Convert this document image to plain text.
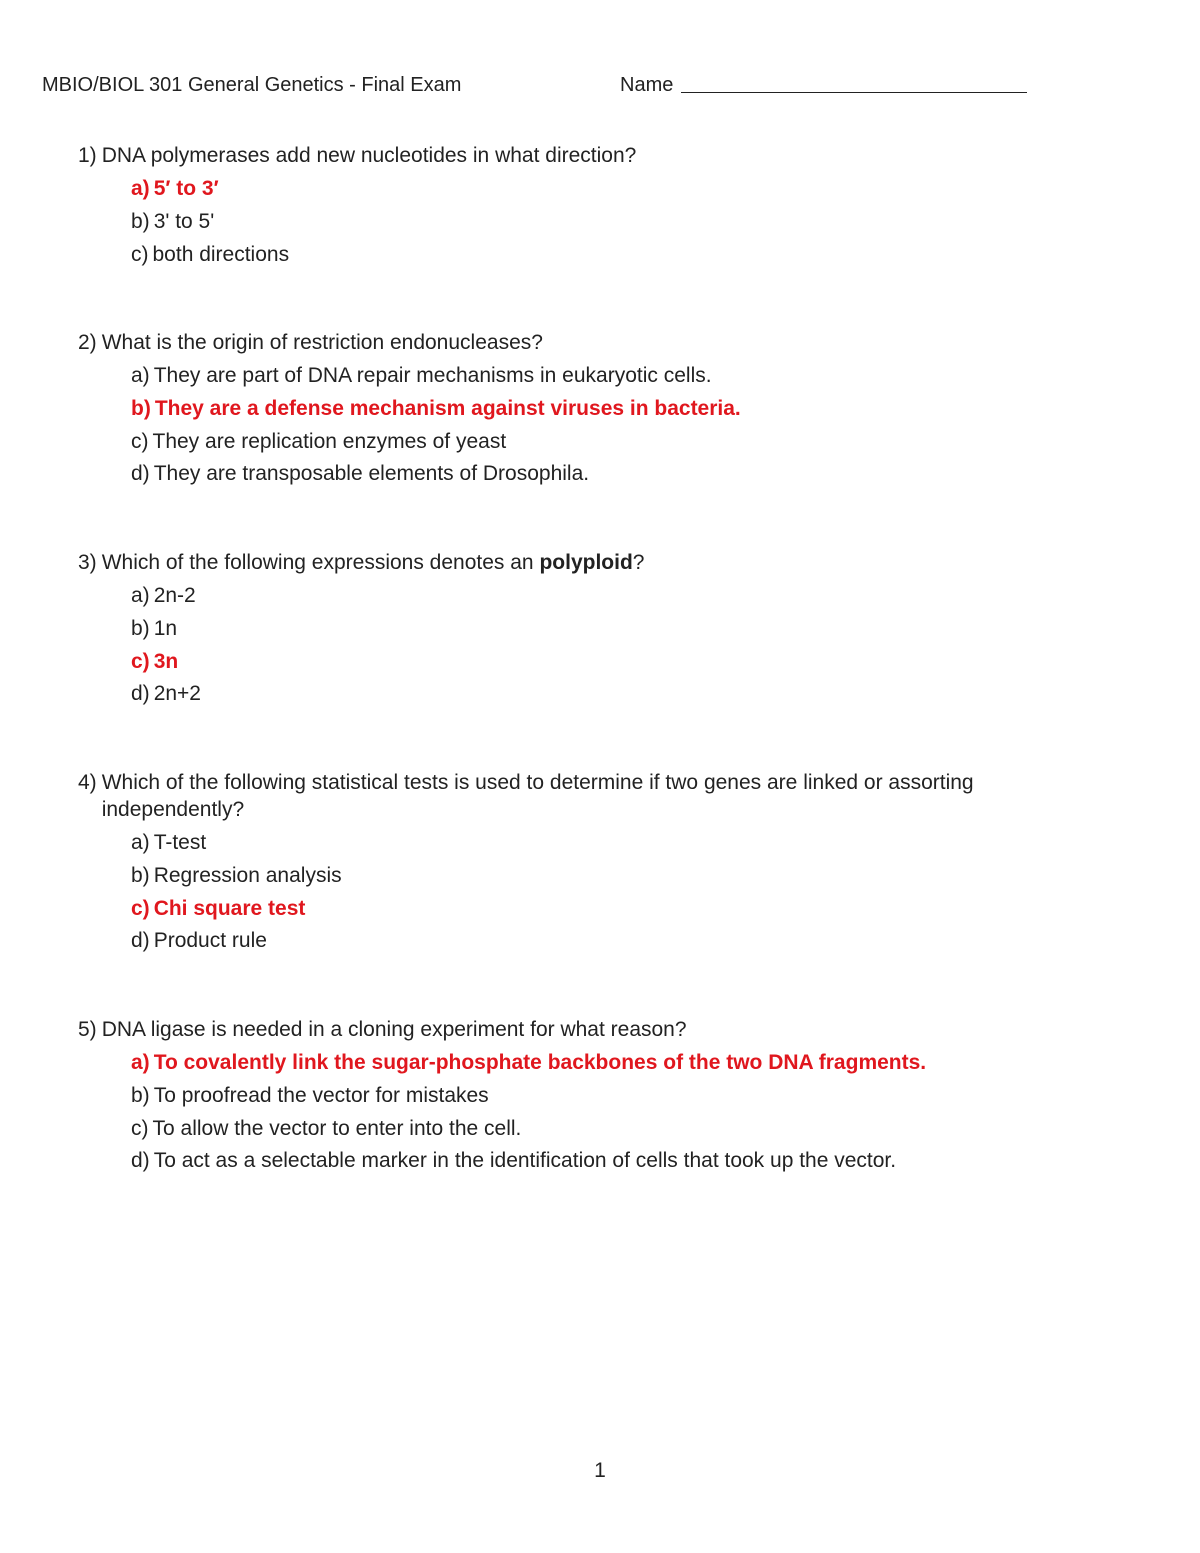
MBIO/BIOL 301 General Genetics - Final Exam	Name

1) DNA polymerases add new nucleotides in what direction?

a) 5′ to 3′
b) 3' to 5'
c) both directions

2) What is the origin of restriction endonucleases?

a) They are part of DNA repair mechanisms in eukaryotic cells.
b) They are a defense mechanism against viruses in bacteria.
c) They are replication enzymes of yeast
d) They are transposable elements of Drosophila.

3) Which of the following expressions denotes an polyploid?

a) 2n-2
b) 1n
c) 3n
d) 2n+2

4) Which of the following statistical tests is used to determine if two genes are linked or assorting independently?

a) T-test
b) Regression analysis
c) Chi square test
d) Product rule

5) DNA ligase is needed in a cloning experiment for what reason?

a) To covalently link the sugar-phosphate backbones of the two DNA fragments.
b) To proofread the vector for mistakes
c) To allow the vector to enter into the cell.
d) To act as a selectable marker in the identification of cells that took up the vector.
1
